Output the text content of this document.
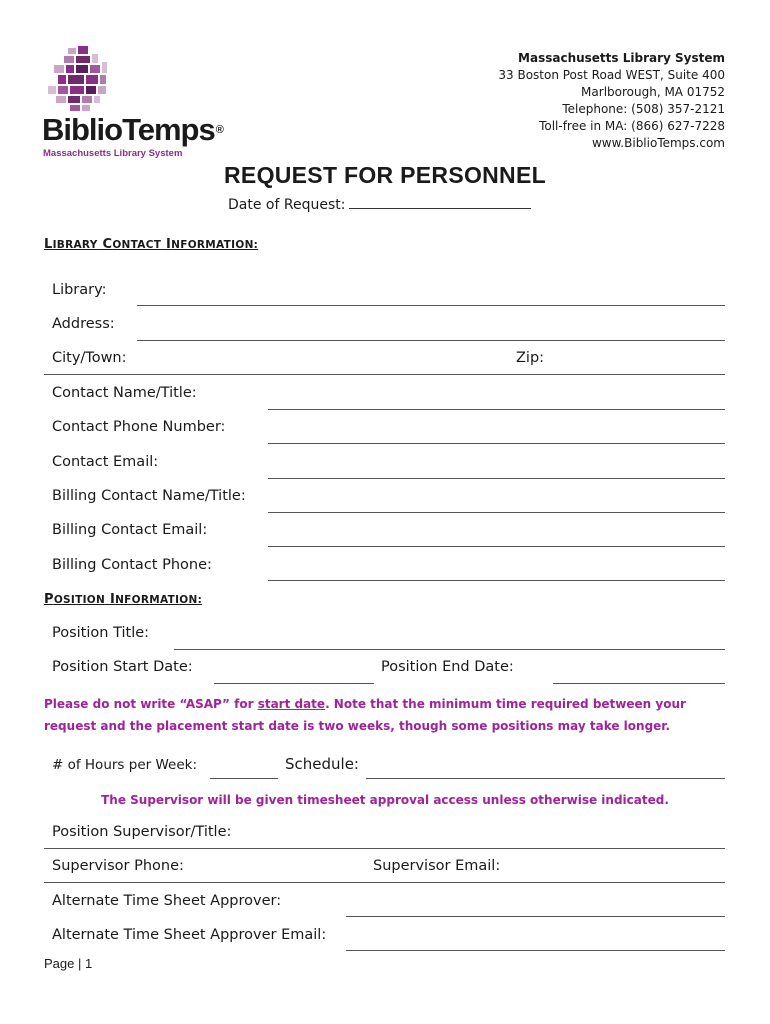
BiblioTemps®
Massachusetts Library System
Massachusetts Library System
33 Boston Post Road WEST, Suite 400
Marlborough, MA 01752
Telephone: (508) 357-2121
Toll-free in MA: (866) 627-7228
www.BiblioTemps.com
REQUEST FOR PERSONNEL
Date of Request:
LIBRARY CONTACT INFORMATION:
Library:
Address:
City/Town:	Zip:
Contact Name/Title:
Contact Phone Number:
Contact Email:
Billing Contact Name/Title:
Billing Contact Email:
Billing Contact Phone:
POSITION INFORMATION:
Position Title:
Position Start Date:	Position End Date:
Please do not write “ASAP” for start date. Note that the minimum time required between your
request and the placement start date is two weeks, though some positions may take longer.
# of Hours per Week:	Schedule:
The Supervisor will be given timesheet approval access unless otherwise indicated.
Position Supervisor/Title:
Supervisor Phone:	Supervisor Email:
Alternate Time Sheet Approver:
Alternate Time Sheet Approver Email:
Page | 1
